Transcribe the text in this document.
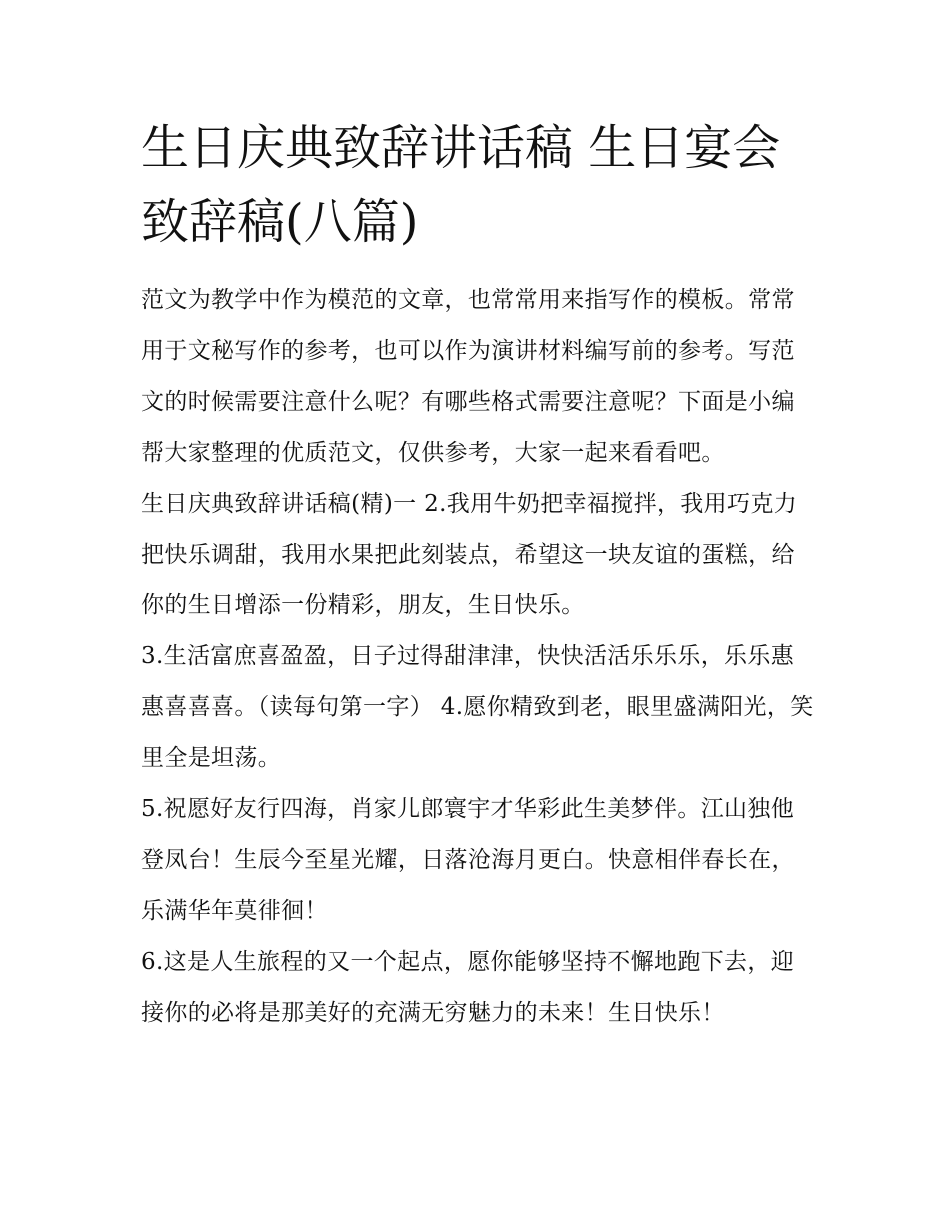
生日庆典致辞讲话稿 生日宴会致辞稿(八篇)

范文为教学中作为模范的文章，也常常用来指写作的模板。常常用于文秘写作的参考，也可以作为演讲材料编写前的参考。写范文的时候需要注意什么呢？有哪些格式需要注意呢？下面是小编帮大家整理的优质范文，仅供参考，大家一起来看看吧。

生日庆典致辞讲话稿(精)一 2.我用牛奶把幸福搅拌，我用巧克力把快乐调甜，我用水果把此刻装点，希望这一块友谊的蛋糕，给你的生日增添一份精彩，朋友，生日快乐。

3.生活富庶喜盈盈，日子过得甜津津，快快活活乐乐乐，乐乐惠惠喜喜喜。（读每句第一字） 4.愿你精致到老，眼里盛满阳光，笑里全是坦荡。

5.祝愿好友行四海，肖家儿郎寰宇才华彩此生美梦伴。江山独他登凤台！生辰今至星光耀，日落沧海月更白。快意相伴春长在，乐满华年莫徘徊！

6.这是人生旅程的又一个起点，愿你能够坚持不懈地跑下去，迎接你的必将是那美好的充满无穷魅力的未来！生日快乐！
